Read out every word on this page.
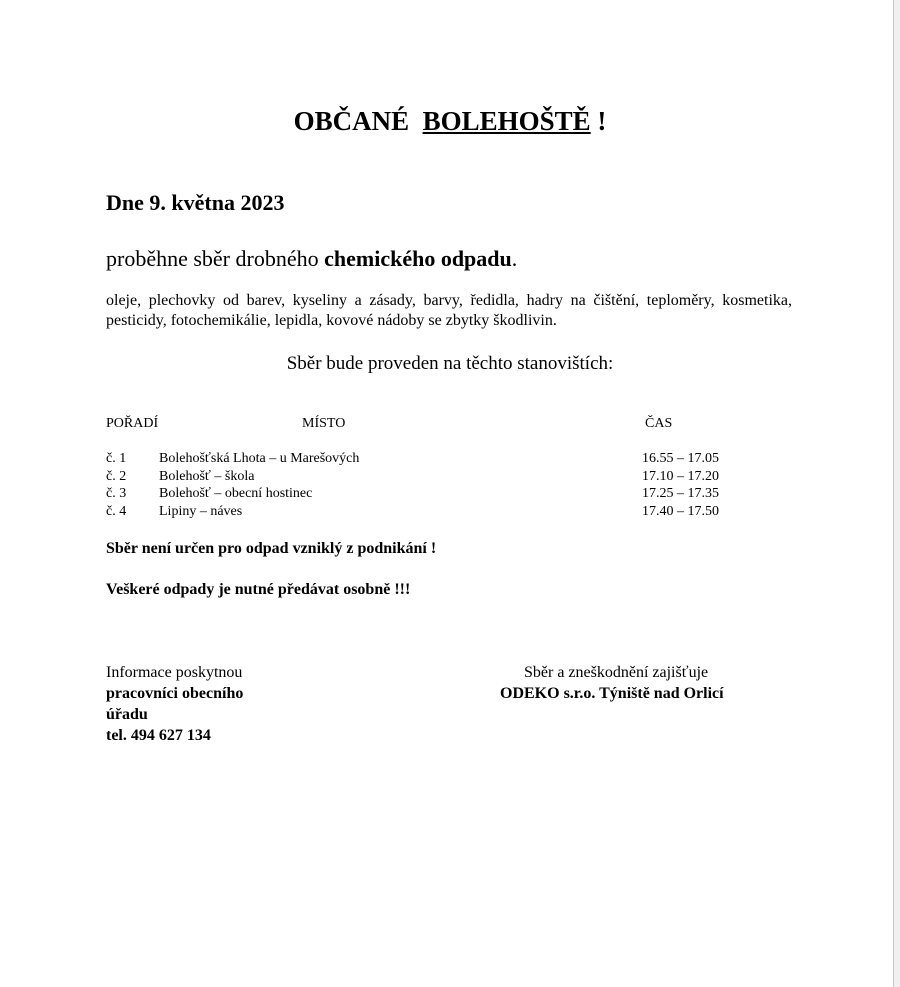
OBČANÉ BOLEHOŠTĚ !
Dne 9. května 2023
proběhne sběr drobného chemického odpadu.
oleje, plechovky od barev, kyseliny a zásady, barvy, ředidla, hadry na čištění, teploměry, kosmetika, pesticidy, fotochemikálie, lepidla, kovové nádoby se zbytky škodlivin.
Sběr bude proveden na těchto stanovištích:
POŘADÍ	MÍSTO	ČAS
č. 1 Bolehošťská Lhota – u Marešových	16.55 – 17.05
č. 2 Bolehošť – škola	17.10 – 17.20
č. 3 Bolehošť – obecní hostinec	17.25 – 17.35
č. 4 Lipiny – náves	17.40 – 17.50
Sběr není určen pro odpad vzniklý z podnikání !
Veškeré odpady je nutné předávat osobně !!!
Informace poskytnou
pracovníci obecního
úřadu
tel. 494 627 134
Sběr a zneškodnění zajišťuje
ODEKO s.r.o. Týniště nad Orlicí
